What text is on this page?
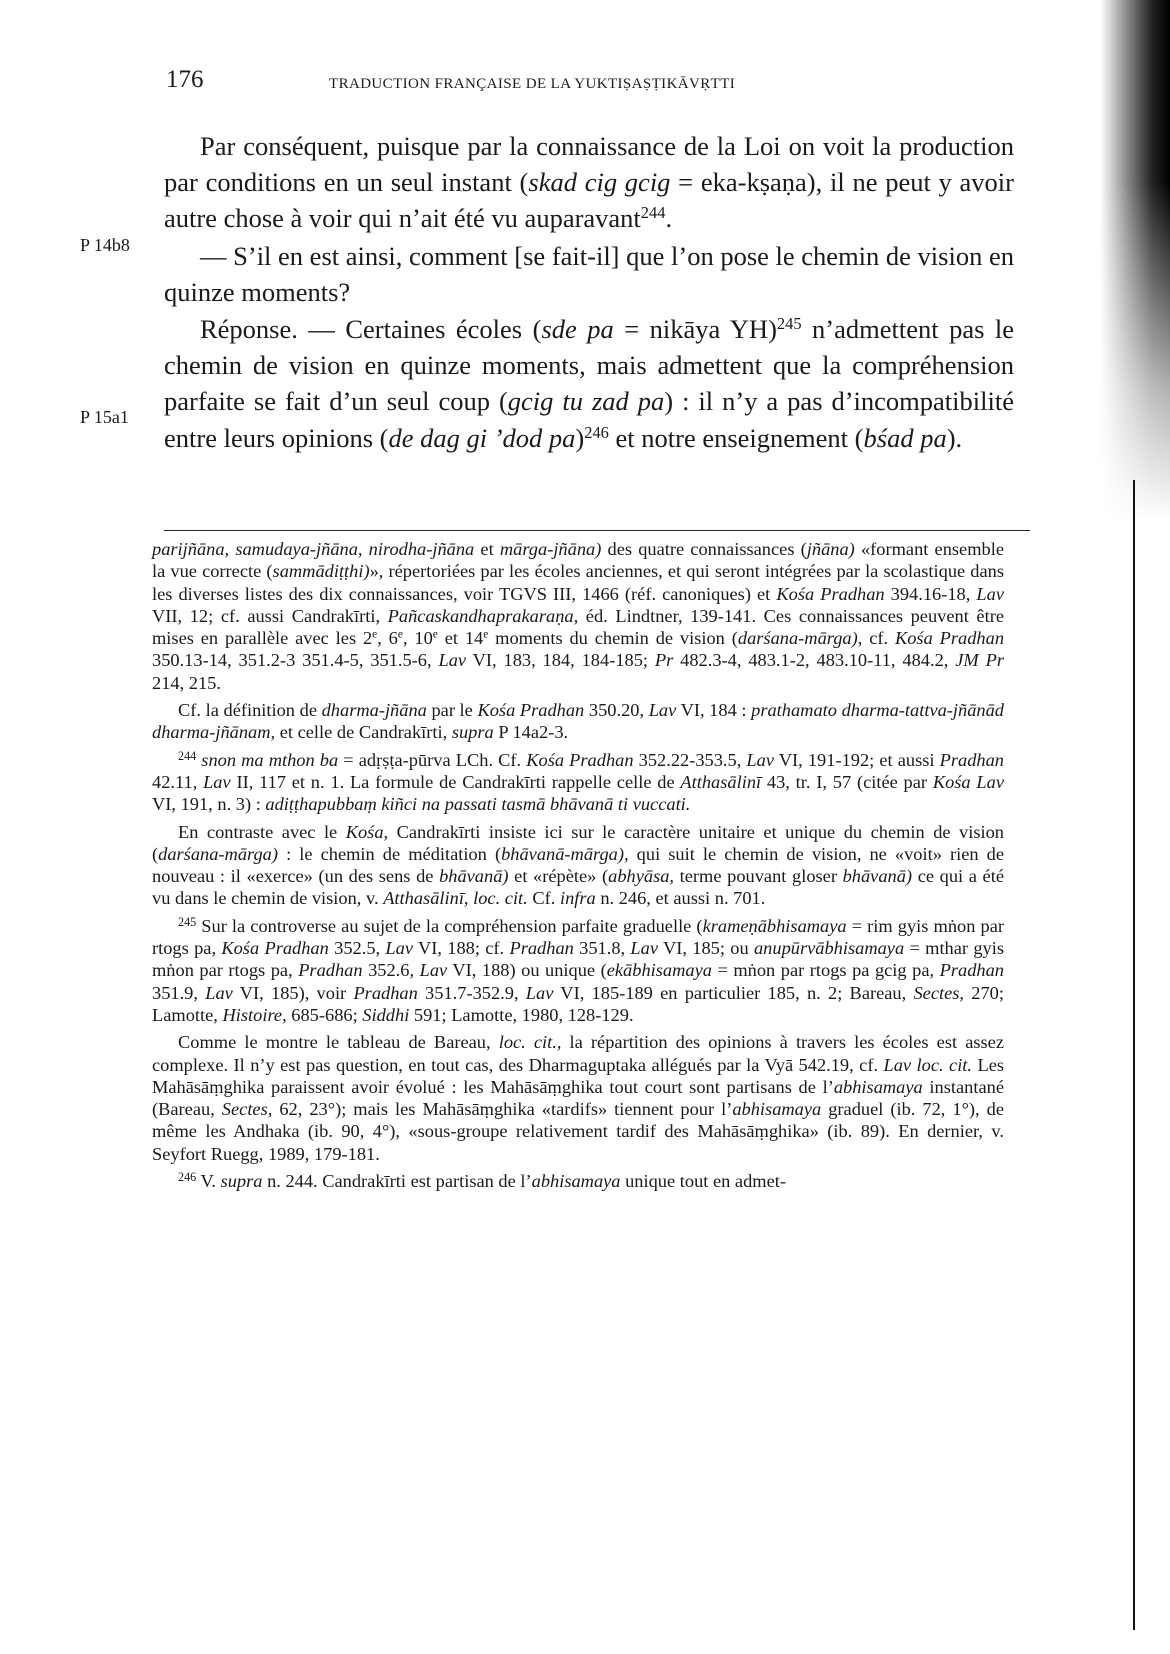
176	TRADUCTION FRANÇAISE DE LA YUKTIṢAṢṬIKĀVṚTTI
P 14b8
P 15a1

Par conséquent, puisque par la connaissance de la Loi on voit la production par conditions en un seul instant (skad cig gcig = eka-kṣaṇa), il ne peut y avoir autre chose à voir qui n’ait été vu auparavant$^{244}$.

— S’il en est ainsi, comment [se fait-il] que l’on pose le chemin de vision en quinze moments?

Réponse. — Certaines écoles (sde pa = nikāya YH)$^{245}$ n’admettent pas le chemin de vision en quinze moments, mais admettent que la compréhension parfaite se fait d’un seul coup (gcig tu zad pa) : il n’y a pas d’incompatibilité entre leurs opinions (de dag gi ’dod pa)$^{246}$ et notre enseignement (bśad pa).

parijñāna, samudaya-jñāna, nirodha-jñāna et mārga-jñāna) des quatre connaissances (jñāna) «formant ensemble la vue correcte (sammādiṭṭhi)», répertoriées par les écoles anciennes, et qui seront intégrées par la scolastique dans les diverses listes des dix connaissances, voir TGVS III, 1466 (réf. canoniques) et Kośa Pradhan 394.16-18, Lav VII, 12; cf. aussi Candrakīrti, Pañcaskandhaprakaraṇa, éd. Lindtner, 139-141. Ces connaissances peuvent être mises en parallèle avec les 2e, 6e, 10e et 14e moments du chemin de vision (darśana-mārga), cf. Kośa Pradhan 350.13-14, 351.2-3 351.4-5, 351.5-6, Lav VI, 183, 184, 184-185; Pr 482.3-4, 483.1-2, 483.10-11, 484.2, JM Pr 214, 215.

Cf. la définition de dharma-jñāna par le Kośa Pradhan 350.20, Lav VI, 184 : prathamato dharma-tattva-jñānād dharma-jñānam, et celle de Candrakīrti, supra P 14a2-3.

$^{244}$ snon ma mthon ba = adṛṣṭa-pūrva LCh. Cf. Kośa Pradhan 352.22-353.5, Lav VI, 191-192; et aussi Pradhan 42.11, Lav II, 117 et n. 1. La formule de Candrakīrti rappelle celle de Atthasālinī 43, tr. I, 57 (citée par Kośa Lav VI, 191, n. 3) : adiṭṭhapubbaṃ kiñci na passati tasmā bhāvanā ti vuccati.

En contraste avec le Kośa, Candrakīrti insiste ici sur le caractère unitaire et unique du chemin de vision (darśana-mārga) : le chemin de méditation (bhāvanā-mārga), qui suit le chemin de vision, ne «voit» rien de nouveau : il «exerce» (un des sens de bhāvanā) et «répète» (abhyāsa, terme pouvant gloser bhāvanā) ce qui a été vu dans le chemin de vision, v. Atthasālinī, loc. cit. Cf. infra n. 246, et aussi n. 701.

$^{245}$ Sur la controverse au sujet de la compréhension parfaite graduelle (krameṇābhisamaya = rim gyis mṅon par rtogs pa, Kośa Pradhan 352.5, Lav VI, 188; cf. Pradhan 351.8, Lav VI, 185; ou anupūrvābhisamaya = mthar gyis mṅon par rtogs pa, Pradhan 352.6, Lav VI, 188) ou unique (ekābhisamaya = mṅon par rtogs pa gcig pa, Pradhan 351.9, Lav VI, 185), voir Pradhan 351.7-352.9, Lav VI, 185-189 en particulier 185, n. 2; Bareau, Sectes, 270; Lamotte, Histoire, 685-686; Siddhi 591; Lamotte, 1980, 128-129.

Comme le montre le tableau de Bareau, loc. cit., la répartition des opinions à travers les écoles est assez complexe. Il n’y est pas question, en tout cas, des Dharmaguptaka allégués par la Vyā 542.19, cf. Lav loc. cit. Les Mahāsāṃghika paraissent avoir évolué : les Mahāsāṃghika tout court sont partisans de l’abhisamaya instantané (Bareau, Sectes, 62, 23°); mais les Mahāsāṃghika «tardifs» tiennent pour l’abhisamaya graduel (ib. 72, 1°), de même les Andhaka (ib. 90, 4°), «sous-groupe relativement tardif des Mahāsāṃghika» (ib. 89). En dernier, v. Seyfort Ruegg, 1989, 179-181.

$^{246}$ V. supra n. 244. Candrakīrti est partisan de l’abhisamaya unique tout en admet-
